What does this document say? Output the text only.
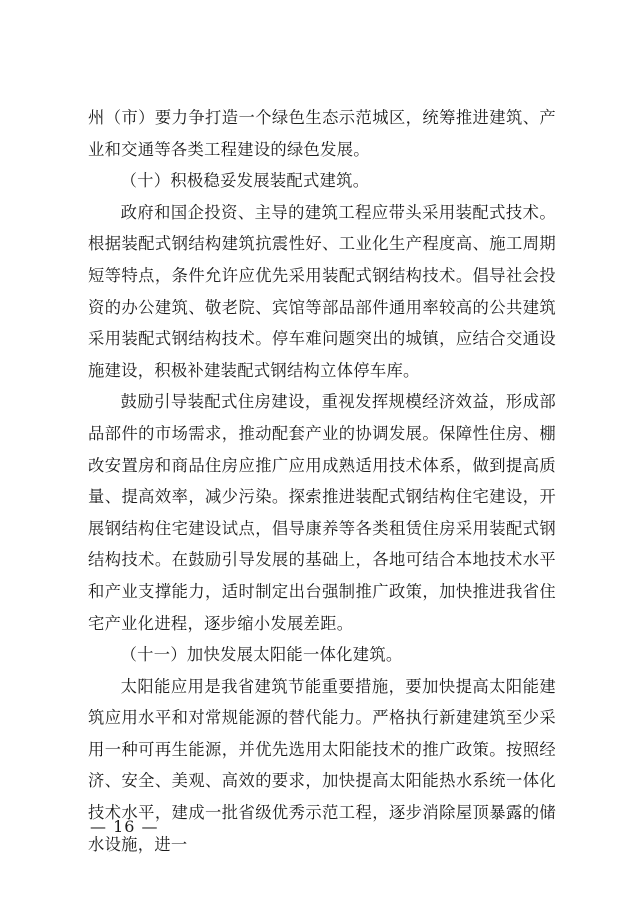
州（市）要力争打造一个绿色生态示范城区，统筹推进建筑、产业和交通等各类工程建设的绿色发展。

（十）积极稳妥发展装配式建筑。

政府和国企投资、主导的建筑工程应带头采用装配式技术。根据装配式钢结构建筑抗震性好、工业化生产程度高、施工周期短等特点，条件允许应优先采用装配式钢结构技术。倡导社会投资的办公建筑、敬老院、宾馆等部品部件通用率较高的公共建筑采用装配式钢结构技术。停车难问题突出的城镇，应结合交通设施建设，积极补建装配式钢结构立体停车库。

鼓励引导装配式住房建设，重视发挥规模经济效益，形成部品部件的市场需求，推动配套产业的协调发展。保障性住房、棚改安置房和商品住房应推广应用成熟适用技术体系，做到提高质量、提高效率，减少污染。探索推进装配式钢结构住宅建设，开展钢结构住宅建设试点，倡导康养等各类租赁住房采用装配式钢结构技术。在鼓励引导发展的基础上，各地可结合本地技术水平和产业支撑能力，适时制定出台强制推广政策，加快推进我省住宅产业化进程，逐步缩小发展差距。

（十一）加快发展太阳能一体化建筑。

太阳能应用是我省建筑节能重要措施，要加快提高太阳能建筑应用水平和对常规能源的替代能力。严格执行新建建筑至少采用一种可再生能源，并优先选用太阳能技术的推广政策。按照经济、安全、美观、高效的要求，加快提高太阳能热水系统一体化技术水平，建成一批省级优秀示范工程，逐步消除屋顶暴露的储水设施，进一

— 16 —
